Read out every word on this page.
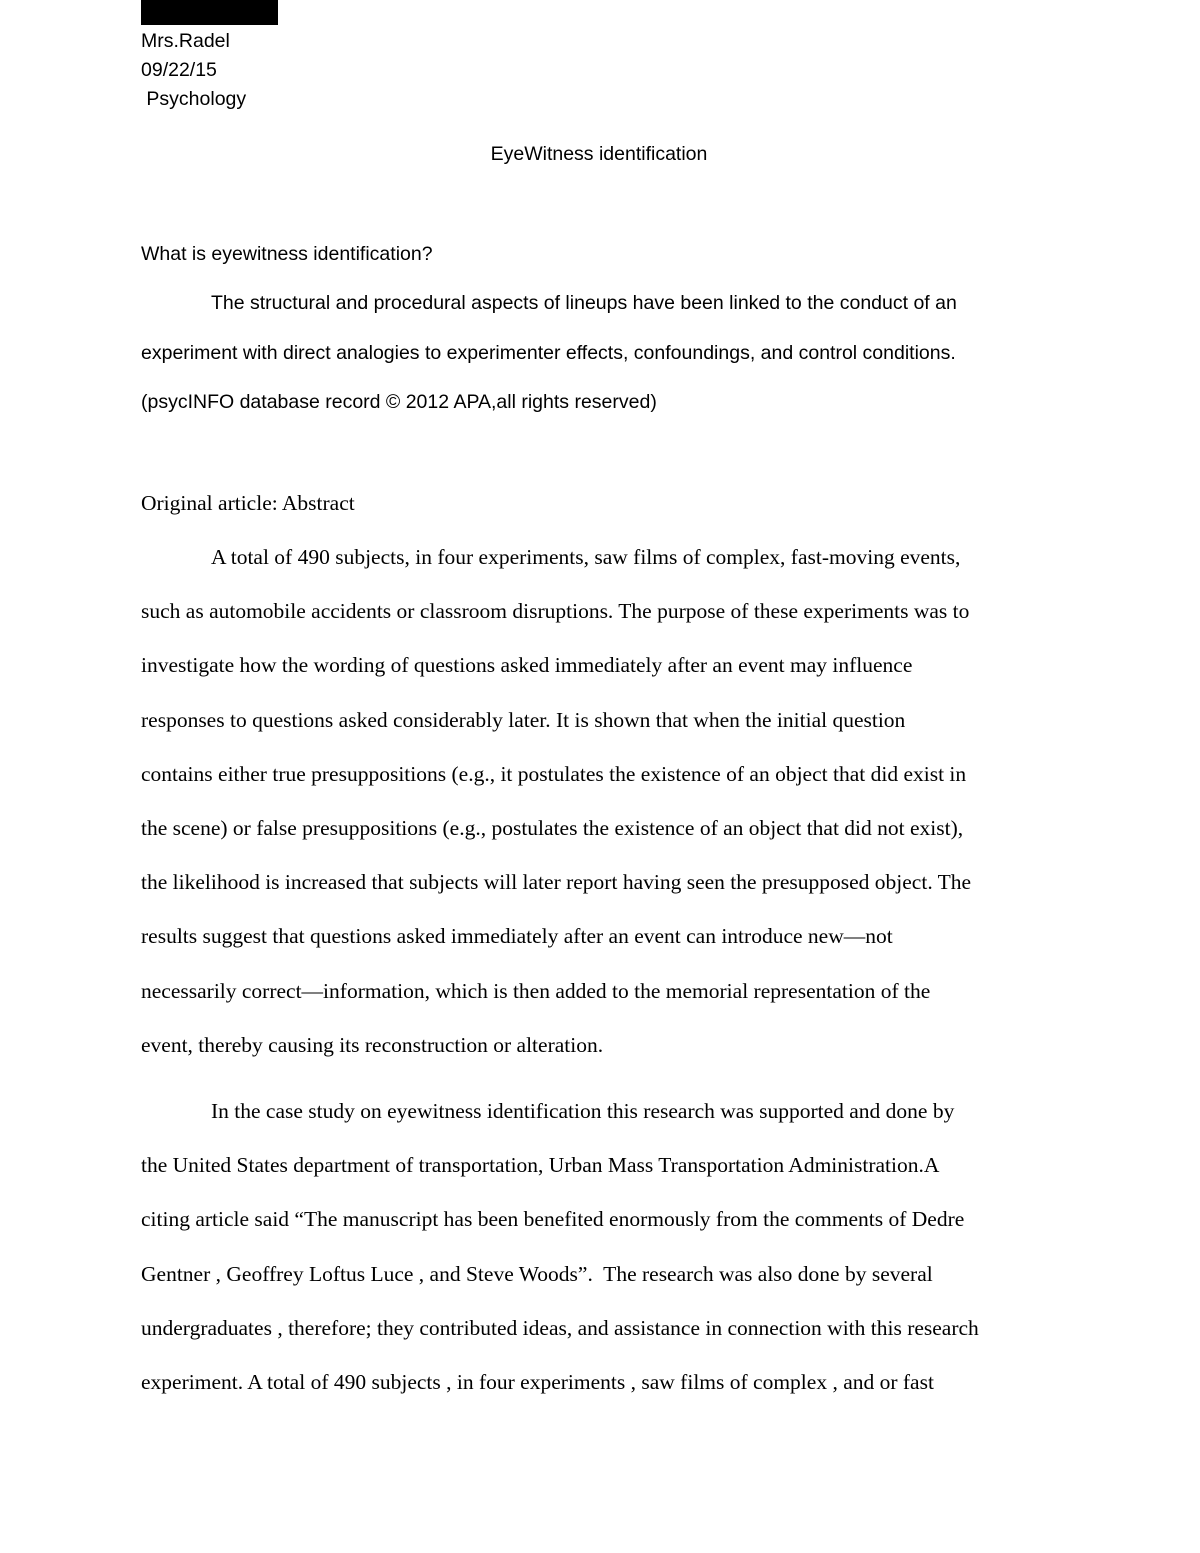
Mrs.Radel
09/22/15
Psychology
EyeWitness identification
What is eyewitness identification?
The structural and procedural aspects of lineups have been linked to the conduct of an
experiment with direct analogies to experimenter effects, confoundings, and control conditions.
(psycINFO database record © 2012 APA,all rights reserved)
Original article: Abstract
A total of 490 subjects, in four experiments, saw films of complex, fast-moving events,
such as automobile accidents or classroom disruptions. The purpose of these experiments was to
investigate how the wording of questions asked immediately after an event may influence
responses to questions asked considerably later. It is shown that when the initial question
contains either true presuppositions (e.g., it postulates the existence of an object that did exist in
the scene) or false presuppositions (e.g., postulates the existence of an object that did not exist),
the likelihood is increased that subjects will later report having seen the presupposed object. The
results suggest that questions asked immediately after an event can introduce new—not
necessarily correct—information, which is then added to the memorial representation of the
event, thereby causing its reconstruction or alteration.
In the case study on eyewitness identification this research was supported and done by
the United States department of transportation, Urban Mass Transportation Administration.A
citing article said “The manuscript has been benefited enormously from the comments of Dedre
Gentner , Geoffrey Loftus Luce , and Steve Woods”.  The research was also done by several
undergraduates , therefore; they contributed ideas, and assistance in connection with this research
experiment. A total of 490 subjects , in four experiments , saw films of complex , and or fast
